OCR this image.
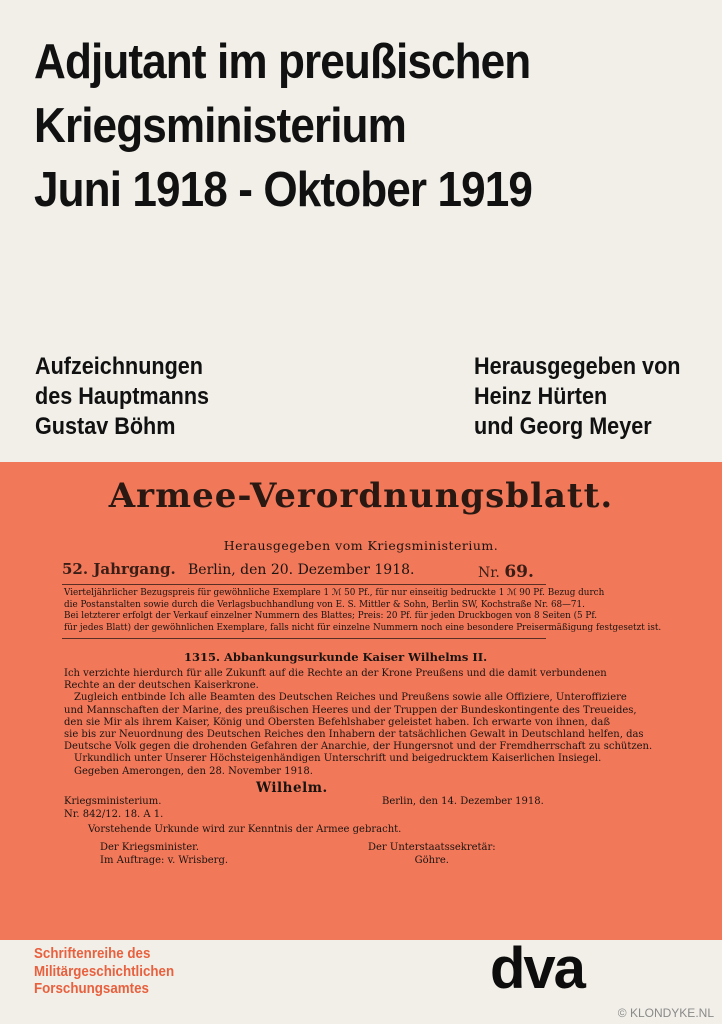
Adjutant im preußischen
Kriegsministerium
Juni 1918 - Oktober 1919
Aufzeichnungen
des Hauptmanns
Gustav Böhm
Herausgegeben von
Heinz Hürten
und Georg Meyer
Armee-Verordnungsblatt.
Herausgegeben vom Kriegsministerium.
52. Jahrgang. Berlin, den 20. Dezember 1918.	Nr. 69.
Vierteljährlicher Bezugspreis für gewöhnliche Exemplare 1 ℳ 50 Pf., für nur einseitig bedruckte 1 ℳ 90 Pf. Bezug durch
die Postanstalten sowie durch die Verlagsbuchhandlung von E. S. Mittler & Sohn, Berlin SW, Kochstraße Nr. 68—71.
Bei letzterer erfolgt der Verkauf einzelner Nummern des Blattes; Preis: 20 Pf. für jeden Druckbogen von 8 Seiten (5 Pf.
für jedes Blatt) der gewöhnlichen Exemplare, falls nicht für einzelne Nummern noch eine besondere Preisermäßigung festgesetzt ist.
1315. Abbankungsurkunde Kaiser Wilhelms II.
Ich verzichte hierdurch für alle Zukunft auf die Rechte an der Krone Preußens und die damit verbundenen
Rechte an der deutschen Kaiserkrone.
Zugleich entbinde Ich alle Beamten des Deutschen Reiches und Preußens sowie alle Offiziere, Unteroffiziere
und Mannschaften der Marine, des preußischen Heeres und der Truppen der Bundeskontingente des Treueides,
den sie Mir als ihrem Kaiser, König und Obersten Befehlshaber geleistet haben. Ich erwarte von ihnen, daß
sie bis zur Neuordnung des Deutschen Reiches den Inhabern der tatsächlichen Gewalt in Deutschland helfen, das
Deutsche Volk gegen die drohenden Gefahren der Anarchie, der Hungersnot und der Fremdherrschaft zu schützen.
Urkundlich unter Unserer Höchsteigenhändigen Unterschrift und beigedrucktem Kaiserlichen Insiegel.
Gegeben Amerongen, den 28. November 1918.
Wilhelm.
Kriegsministerium.
Nr. 842/12. 18. A 1.
Berlin, den 14. Dezember 1918.
Vorstehende Urkunde wird zur Kenntnis der Armee gebracht.
Der Kriegsminister.
Im Auftrage: v. Wrisberg.
Der Unterstaatssekretär:
Göhre.
Schriftenreihe des
Militärgeschichtlichen
Forschungsamtes	dva
© KLONDYKE.NL
